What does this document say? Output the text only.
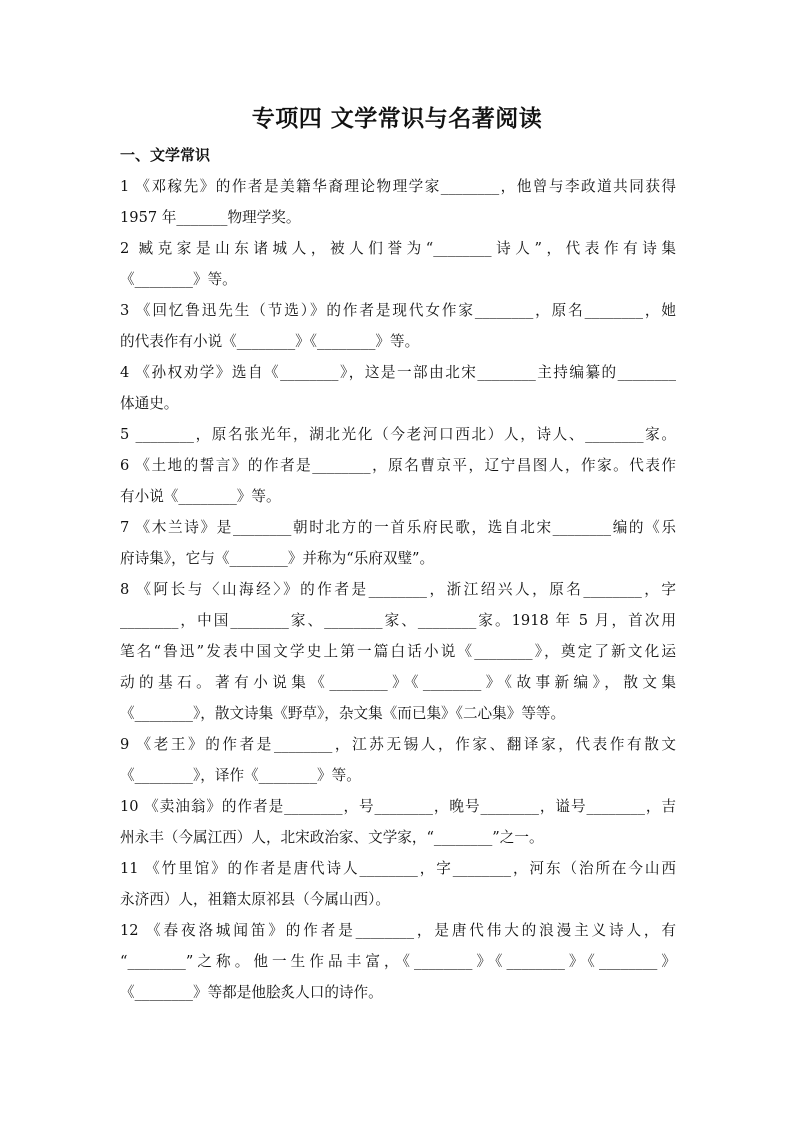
专项四 文学常识与名著阅读
一、文学常识
1 《邓稼先》的作者是美籍华裔理论物理学家________，他曾与李政道共同获得
1957 年_______物理学奖。
2 臧克家是山东诸城人，被人们誉为“________诗人”，代表作有诗集
《________》等。
3 《回忆鲁迅先生（节选）》的作者是现代女作家________，原名________，她
的代表作有小说《________》《________》等。
4 《孙权劝学》选自《________》，这是一部由北宋________主持编纂的________
体通史。
5 ________，原名张光年，湖北光化（今老河口西北）人，诗人、________家。
6 《土地的誓言》的作者是________，原名曹京平，辽宁昌图人，作家。代表作
有小说《________》等。
7 《木兰诗》是________朝时北方的一首乐府民歌，选自北宋________编的《乐
府诗集》，它与《________》并称为“乐府双璧”。
8 《阿长与〈山海经〉》的作者是________，浙江绍兴人，原名________，字
________，中国________家、________家、________家。1918 年 5 月，首次用
笔名“鲁迅”发表中国文学史上第一篇白话小说《________》，奠定了新文化运
动的基石。著有小说集《________》《________》《故事新编》，散文集
《________》，散文诗集《野草》，杂文集《而已集》《二心集》等等。
9 《老王》的作者是________，江苏无锡人，作家、翻译家，代表作有散文
《________》，译作《________》等。
10 《卖油翁》的作者是________，号________，晚号________，谥号________，吉
州永丰（今属江西）人，北宋政治家、文学家，“________”之一。
11 《竹里馆》的作者是唐代诗人________，字________，河东（治所在今山西
永济西）人，祖籍太原祁县（今属山西）。
12 《春夜洛城闻笛》的作者是________，是唐代伟大的浪漫主义诗人，有
“________”之称。他一生作品丰富，《________》《________》《________》
《________》等都是他脍炙人口的诗作。
